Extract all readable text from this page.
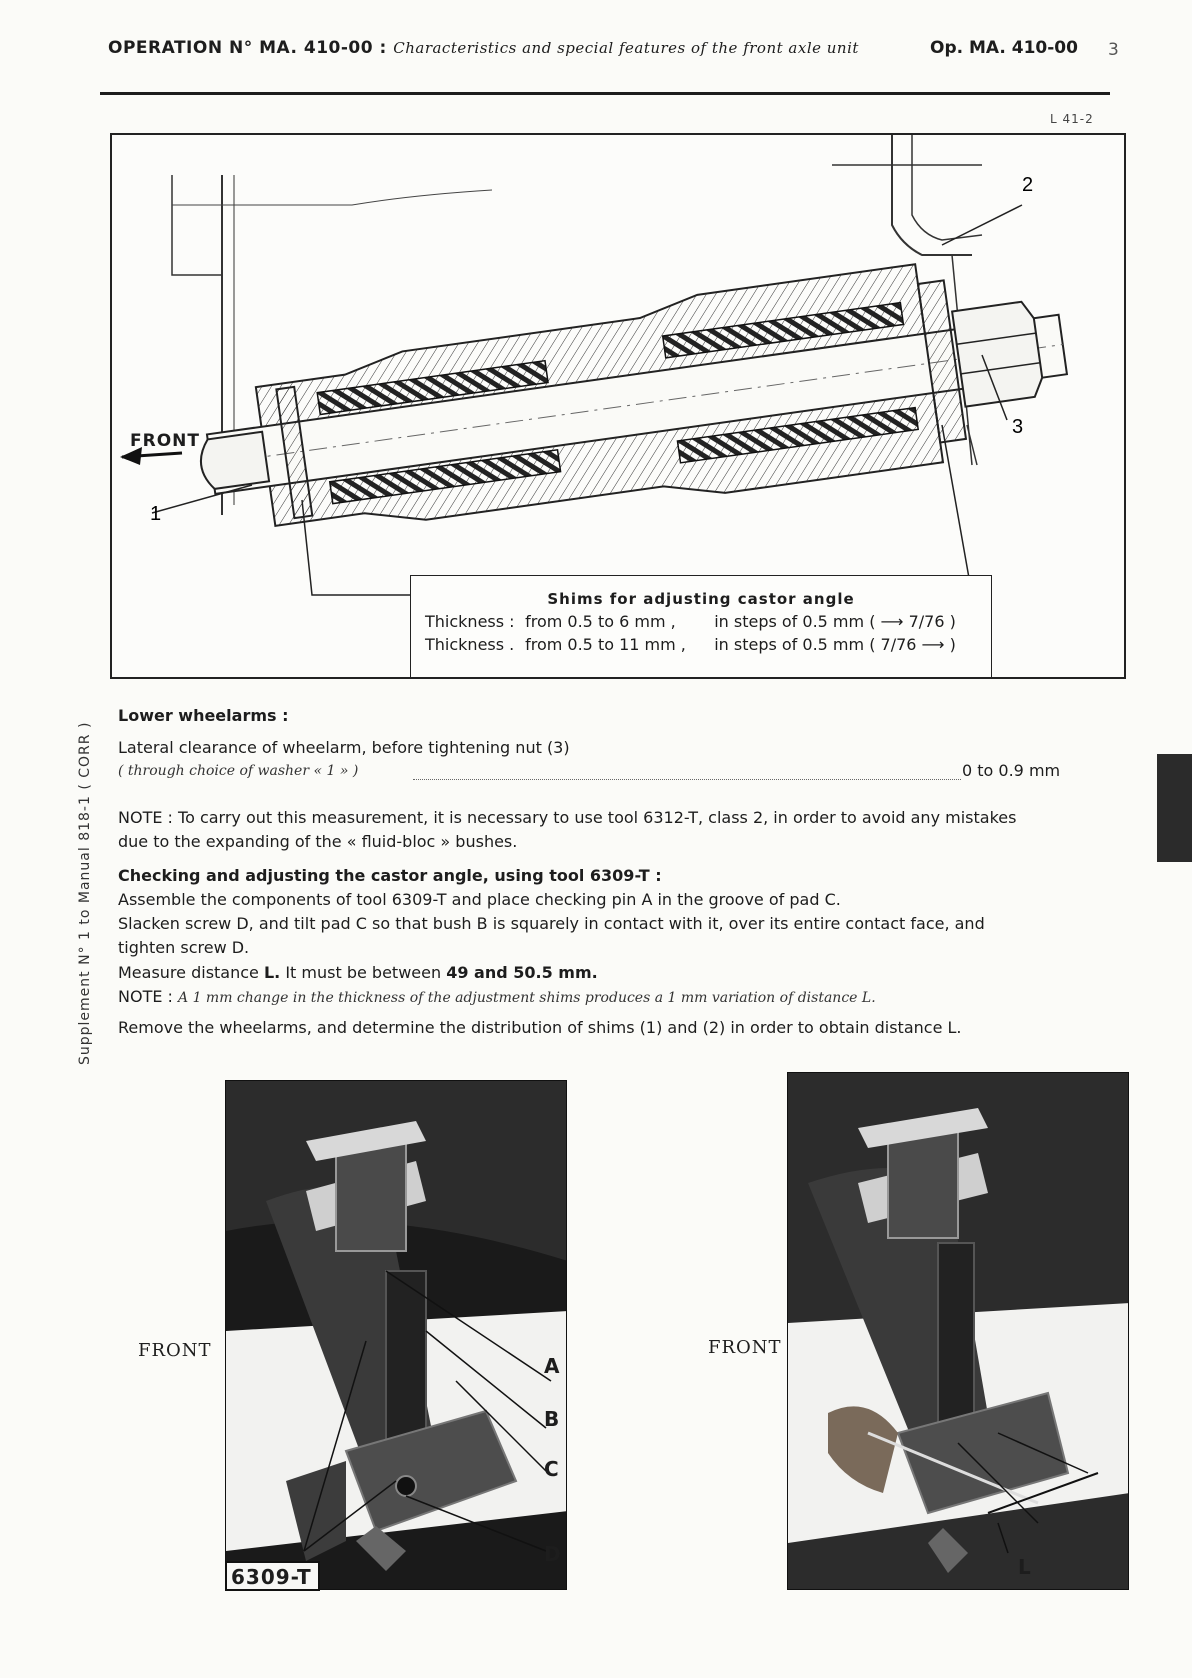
OPERATION N° MA. 410-00 : Characteristics and special features of the front axle unit	Op. MA. 410-00 3
L 41-2
1
2
3
FRONT
Shims for adjusting castor angle
Thickness : from 0.5 to 6 mm , in steps of 0.5 mm ( ⟶ 7/76 )
Thickness . from 0.5 to 11 mm , in steps of 0.5 mm ( 7/76 ⟶ )
Supplement N° 1 to Manual 818-1 ( CORR )
Lower wheelarms :
Lateral clearance of wheelarm, before tightening nut (3)
( through choice of washer « 1 » )	0 to 0.9 mm
NOTE : To carry out this measurement, it is necessary to use tool 6312-T, class 2, in order to avoid any mistakes
due to the expanding of the « fluid-bloc » bushes.
Checking and adjusting the castor angle, using tool 6309-T :
Assemble the components of tool 6309-T and place checking pin A in the groove of pad C.
Slacken screw D, and tilt pad C so that bush B is squarely in contact with it, over its entire contact face, and
tighten screw D.
Measure distance L. It must be between 49 and 50.5 mm.
NOTE : A 1 mm change in the thickness of the adjustment shims produces a 1 mm variation of distance L.
Remove the wheelarms, and determine the distribution of shims (1) and (2) in order to obtain distance L.
FRONT	FRONT
A
B
C
D
6309-T	L
